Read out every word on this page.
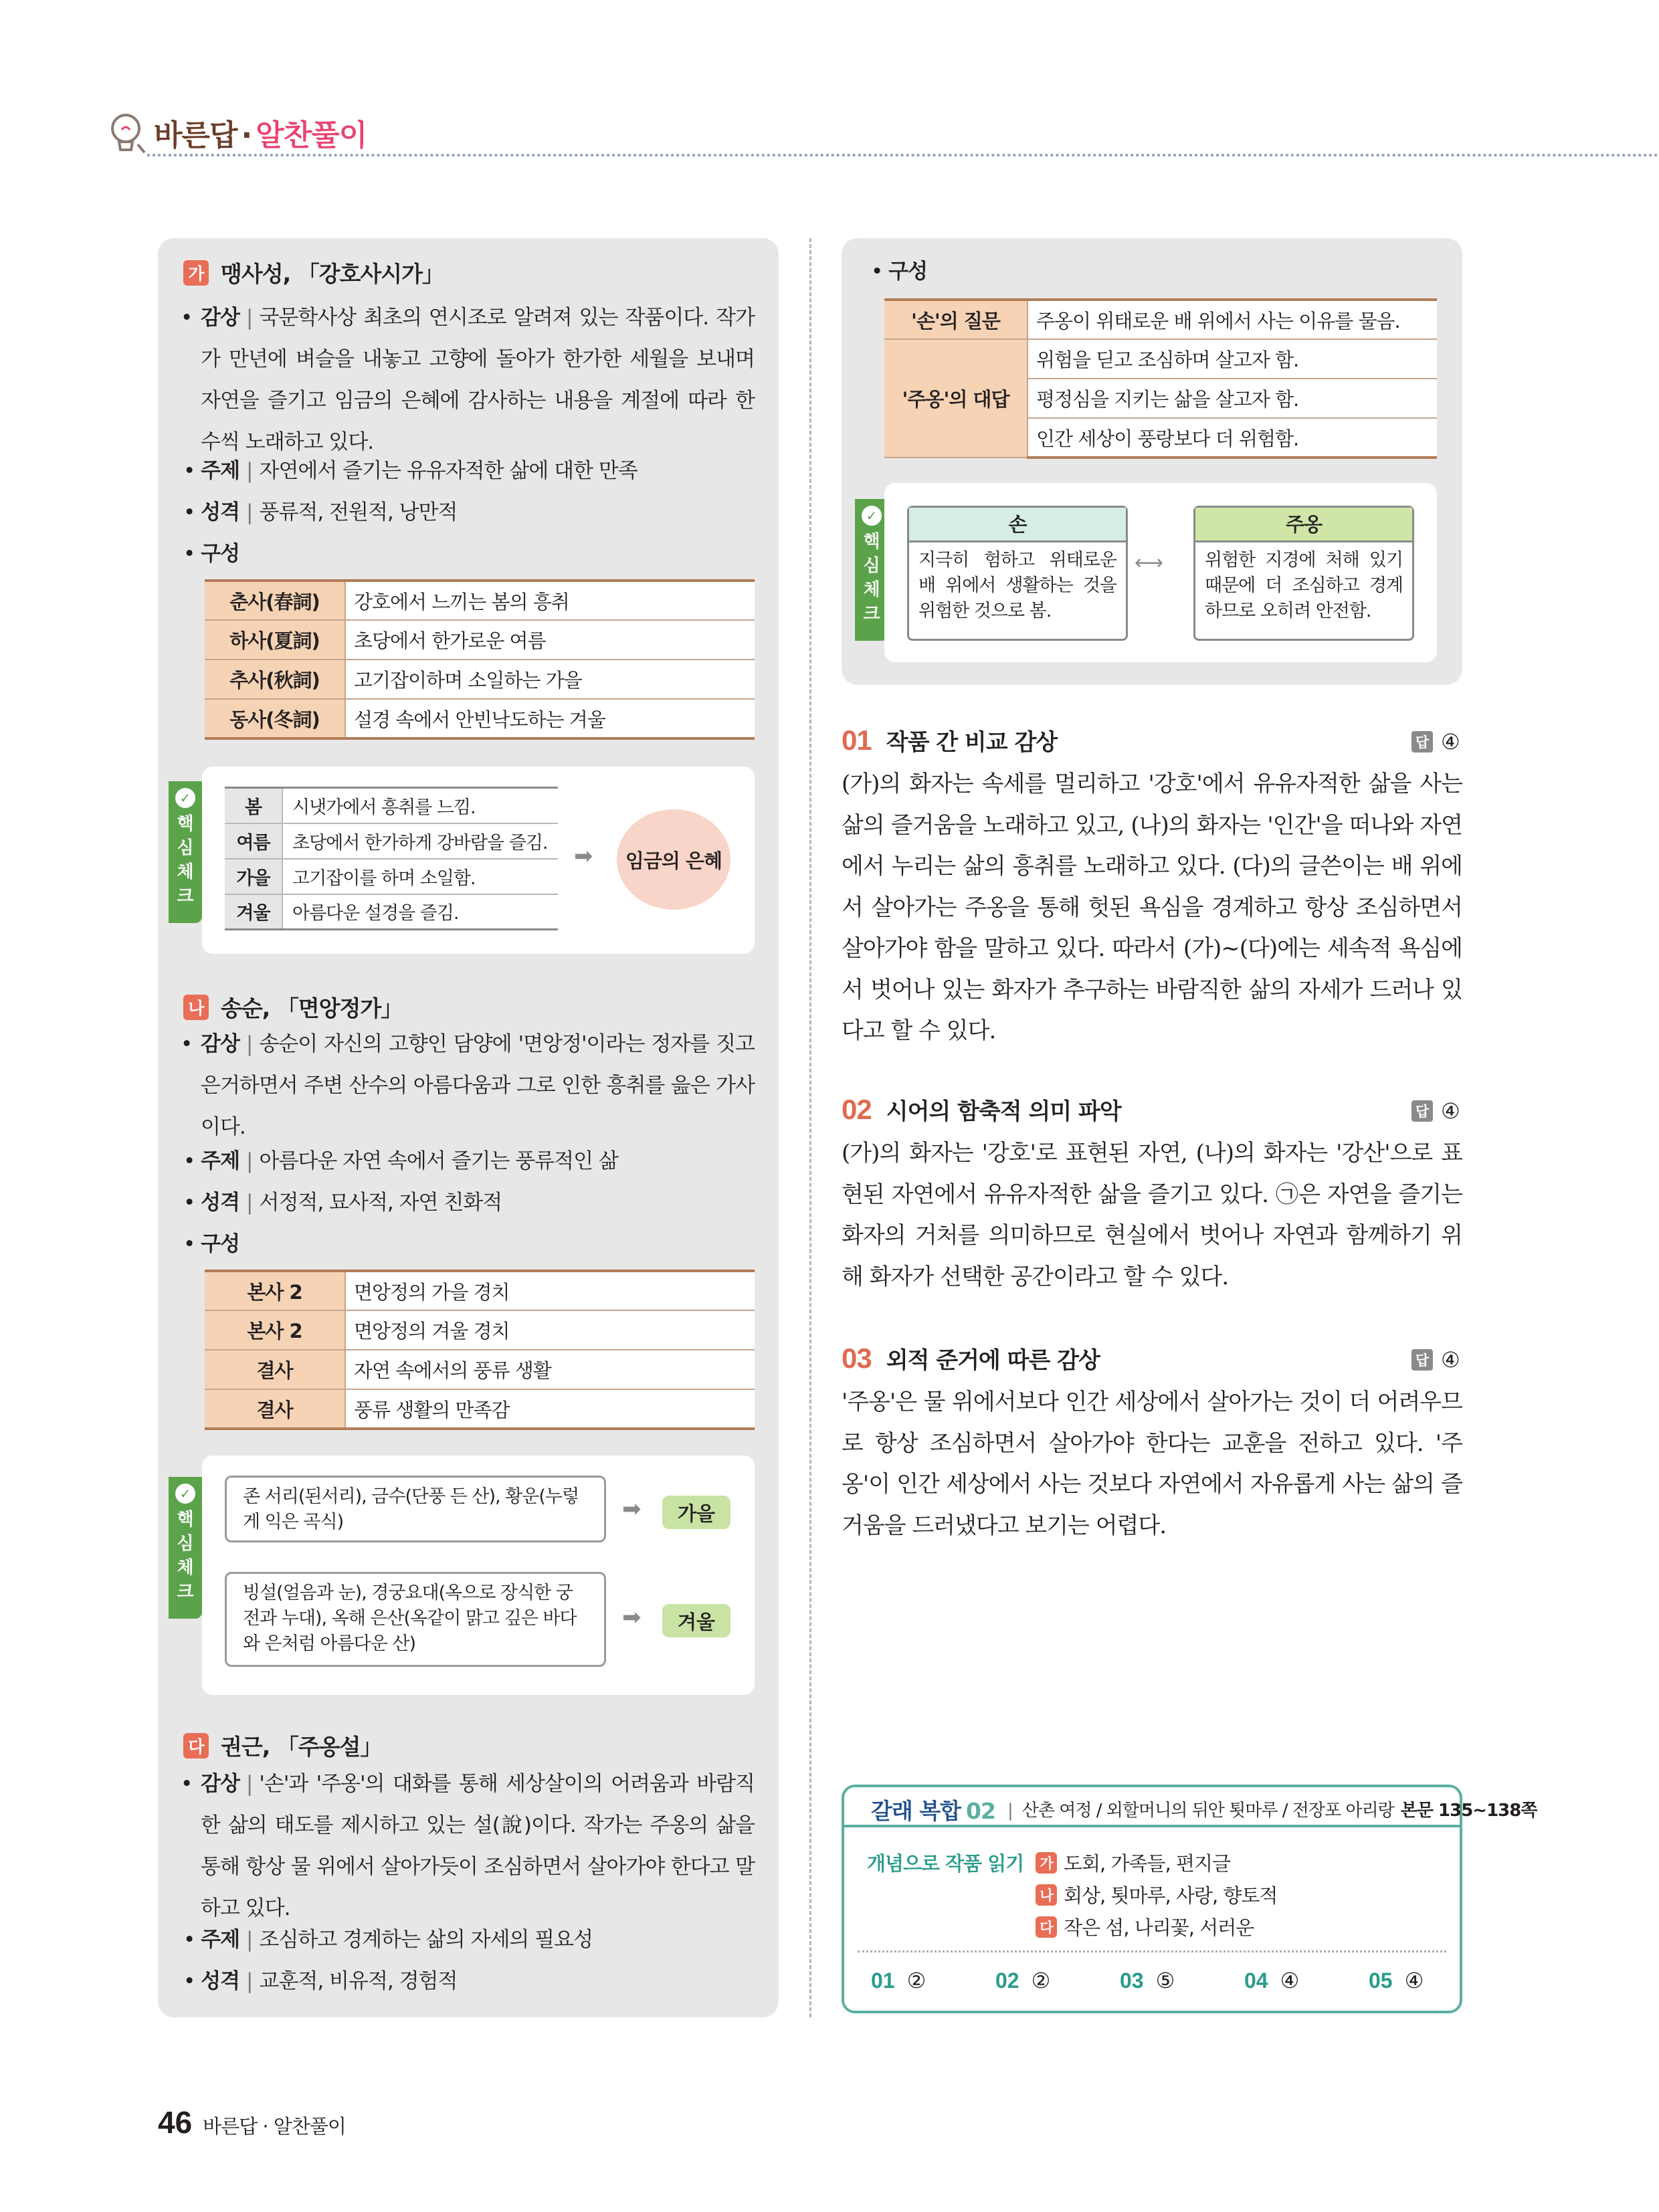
바른답 · 알찬풀이
가 맹사성, 「강호사시가」
• 감상 | 국문학사상 최초의 연시조로 알려져 있는 작품이다. 작가가 만년에 벼슬을 내놓고 고향에 돌아가 한가한 세월을 보내며 자연을 즐기고 임금의 은혜에 감사하는 내용을 계절에 따라 한 수씩 노래하고 있다.
• 주제 | 자연에서 즐기는 유유자적한 삶에 대한 만족
• 성격 | 풍류적, 전원적, 낭만적
• 구성
춘사(春詞)	강호에서 느끼는 봄의 흥취
하사(夏詞)	초당에서 한가로운 여름
추사(秋詞)	고기잡이하며 소일하는 가을
동사(冬詞)	설경 속에서 안빈낙도하는 겨울
✓
핵
심
체
크
봄	시냇가에서 흥취를 느낌.
여름	초당에서 한가하게 강바람을 즐김.
가을	고기잡이를 하며 소일함.
겨울	아름다운 설경을 즐김.
➡	임금의 은혜
나 송순, 「면앙정가」
• 감상 | 송순이 자신의 고향인 담양에 '면앙정'이라는 정자를 짓고 은거하면서 주변 산수의 아름다움과 그로 인한 흥취를 읊은 가사이다.
• 주제 | 아름다운 자연 속에서 즐기는 풍류적인 삶
• 성격 | 서정적, 묘사적, 자연 친화적
• 구성
본사 2	면앙정의 가을 경치
본사 2	면앙정의 겨울 경치
결사	자연 속에서의 풍류 생활
결사	풍류 생활의 만족감
✓
핵
심
체
크
존 서리(된서리), 금수(단풍 든 산), 황운(누렇게 익은 곡식)	➡	가을
빙설(얼음과 눈), 경궁요대(옥으로 장식한 궁전과 누대), 옥해 은산(옥같이 맑고 깊은 바다와 은처럼 아름다운 산)
➡	겨울
다 권근, 「주옹설」
• 감상 | '손'과 '주옹'의 대화를 통해 세상살이의 어려움과 바람직한 삶의 태도를 제시하고 있는 설(說)이다. 작가는 주옹의 삶을 통해 항상 물 위에서 살아가듯이 조심하면서 살아가야 한다고 말하고 있다.
• 주제 | 조심하고 경계하는 삶의 자세의 필요성
• 성격 | 교훈적, 비유적, 경험적
• 구성
'손'의 질문	주옹이 위태로운 배 위에서 사는 이유를 물음.
'주옹'의 대답	위험을 딛고 조심하며 살고자 함.
	평정심을 지키는 삶을 살고자 함.
	인간 세상이 풍랑보다 더 위험함.
✓
핵
심
체
크
손
지극히 험하고 위태로운 배 위에서 생활하는 것을 위험한 것으로 봄.
⟷
주옹
위험한 지경에 처해 있기 때문에 더 조심하고 경계하므로 오히려 안전함.
01 작품 간 비교 감상	답 ④
(가)의 화자는 속세를 멀리하고 '강호'에서 유유자적한 삶을 사는 삶의 즐거움을 노래하고 있고, (나)의 화자는 '인간'을 떠나와 자연에서 누리는 삶의 흥취를 노래하고 있다. (다)의 글쓴이는 배 위에서 살아가는 주옹을 통해 헛된 욕심을 경계하고 항상 조심하면서 살아가야 함을 말하고 있다. 따라서 (가)~(다)에는 세속적 욕심에서 벗어나 있는 화자가 추구하는 바람직한 삶의 자세가 드러나 있다고 할 수 있다.
02 시어의 함축적 의미 파악	답 ④
(가)의 화자는 '강호'로 표현된 자연, (나)의 화자는 '강산'으로 표현된 자연에서 유유자적한 삶을 즐기고 있다. ㉠은 자연을 즐기는 화자의 거처를 의미하므로 현실에서 벗어나 자연과 함께하기 위해 화자가 선택한 공간이라고 할 수 있다.
03 외적 준거에 따른 감상	답 ④
'주옹'은 물 위에서보다 인간 세상에서 살아가는 것이 더 어려우므로 항상 조심하면서 살아가야 한다는 교훈을 전하고 있다. '주옹'이 인간 세상에서 사는 것보다 자연에서 자유롭게 사는 삶의 즐거움을 드러냈다고 보기는 어렵다.
갈래 복합 02 | 산촌 여정 / 외할머니의 뒤안 툇마루 / 전장포 아리랑 본문 135~138쪽
개념으로 작품 읽기	가 도회, 가족들, 편지글
나 회상, 툇마루, 사랑, 향토적
다 작은 섬, 나리꽃, 서러운
01 ②	02 ②	03 ⑤	04 ④	05 ④
46 바른답 · 알찬풀이
